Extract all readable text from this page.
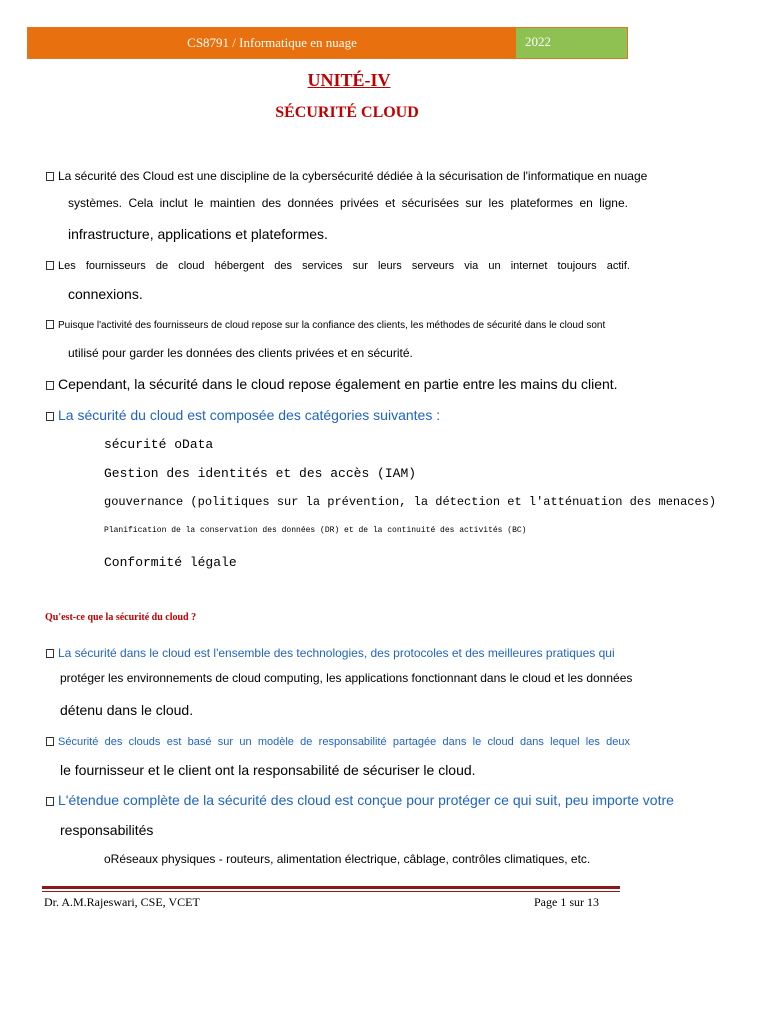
CS8791 / Informatique en nuage	2022
UNITÉ-IV
SÉCURITÉ CLOUD
La sécurité des Cloud est une discipline de la cybersécurité dédiée à la sécurisation de l'informatique en nuage
systèmes. Cela inclut le maintien des données privées et sécurisées sur les plateformes en ligne.
infrastructure, applications et plateformes.
Les fournisseurs de cloud hébergent des services sur leurs serveurs via un internet toujours actif.
connexions.
Puisque l'activité des fournisseurs de cloud repose sur la confiance des clients, les méthodes de sécurité dans le cloud sont
utilisé pour garder les données des clients privées et en sécurité.
Cependant, la sécurité dans le cloud repose également en partie entre les mains du client.
La sécurité du cloud est composée des catégories suivantes :
sécurité oData
Gestion des identités et des accès (IAM)
gouvernance (politiques sur la prévention, la détection et l'atténuation des menaces)
Planification de la conservation des données (DR) et de la continuité des activités (BC)
Conformité légale
Qu'est-ce que la sécurité du cloud ?
La sécurité dans le cloud est l'ensemble des technologies, des protocoles et des meilleures pratiques qui
protéger les environnements de cloud computing, les applications fonctionnant dans le cloud et les données
détenu dans le cloud.
Sécurité des clouds est basé sur un modèle de responsabilité partagée dans le cloud dans lequel les deux
le fournisseur et le client ont la responsabilité de sécuriser le cloud.
L'étendue complète de la sécurité des cloud est conçue pour protéger ce qui suit, peu importe votre
responsabilités
oRéseaux physiques - routeurs, alimentation électrique, câblage, contrôles climatiques, etc.
Dr. A.M.Rajeswari, CSE, VCET	Page 1 sur 13
